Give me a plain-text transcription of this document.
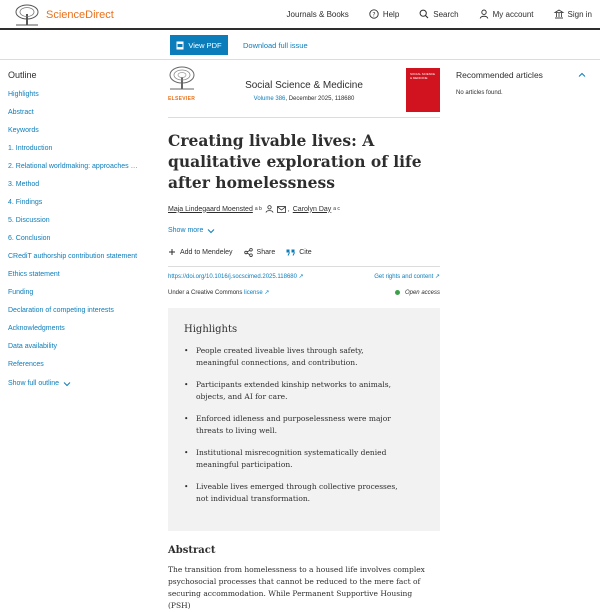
ScienceDirect	Journals & Books	? Help	Search	My account	Sign in
View PDF	Download full issue
Outline
Highlights
Abstract
Keywords
1. Introduction
2. Relational worldmaking: approaches …
3. Method
4. Findings
5. Discussion
6. Conclusion
CRediT authorship contribution statement
Ethics statement
Funding
Declaration of competing interests
Acknowledgments
Data availability
References
Show full outline
ELSEVIER
Social Science & Medicine
Volume 386, December 2025, 118680
SOCIAL SCIENCE & MEDICINE
Creating livable lives: A qualitative exploration of life after homelessness
Maja Lindegaard Moensted a b	, Carolyn Day a c
Show more
Add to Mendeley	Share	Cite
https://doi.org/10.1016/j.socscimed.2025.118680 ↗	Get rights and content ↗
Under a Creative Commons license ↗	Open access
Highlights
• People created liveable lives through safety, meaningful connections, and contribution.
• Participants extended kinship networks to animals, objects, and AI for care.
• Enforced idleness and purposelessness were major threats to living well.
• Institutional misrecognition systematically denied meaningful participation.
• Liveable lives emerged through collective processes, not individual transformation.
Abstract

The transition from homelessness to a housed life involves complex psychosocial processes that cannot be reduced to the mere fact of securing accommodation. While Permanent Supportive Housing (PSH)

Recommended articles
No articles found.
